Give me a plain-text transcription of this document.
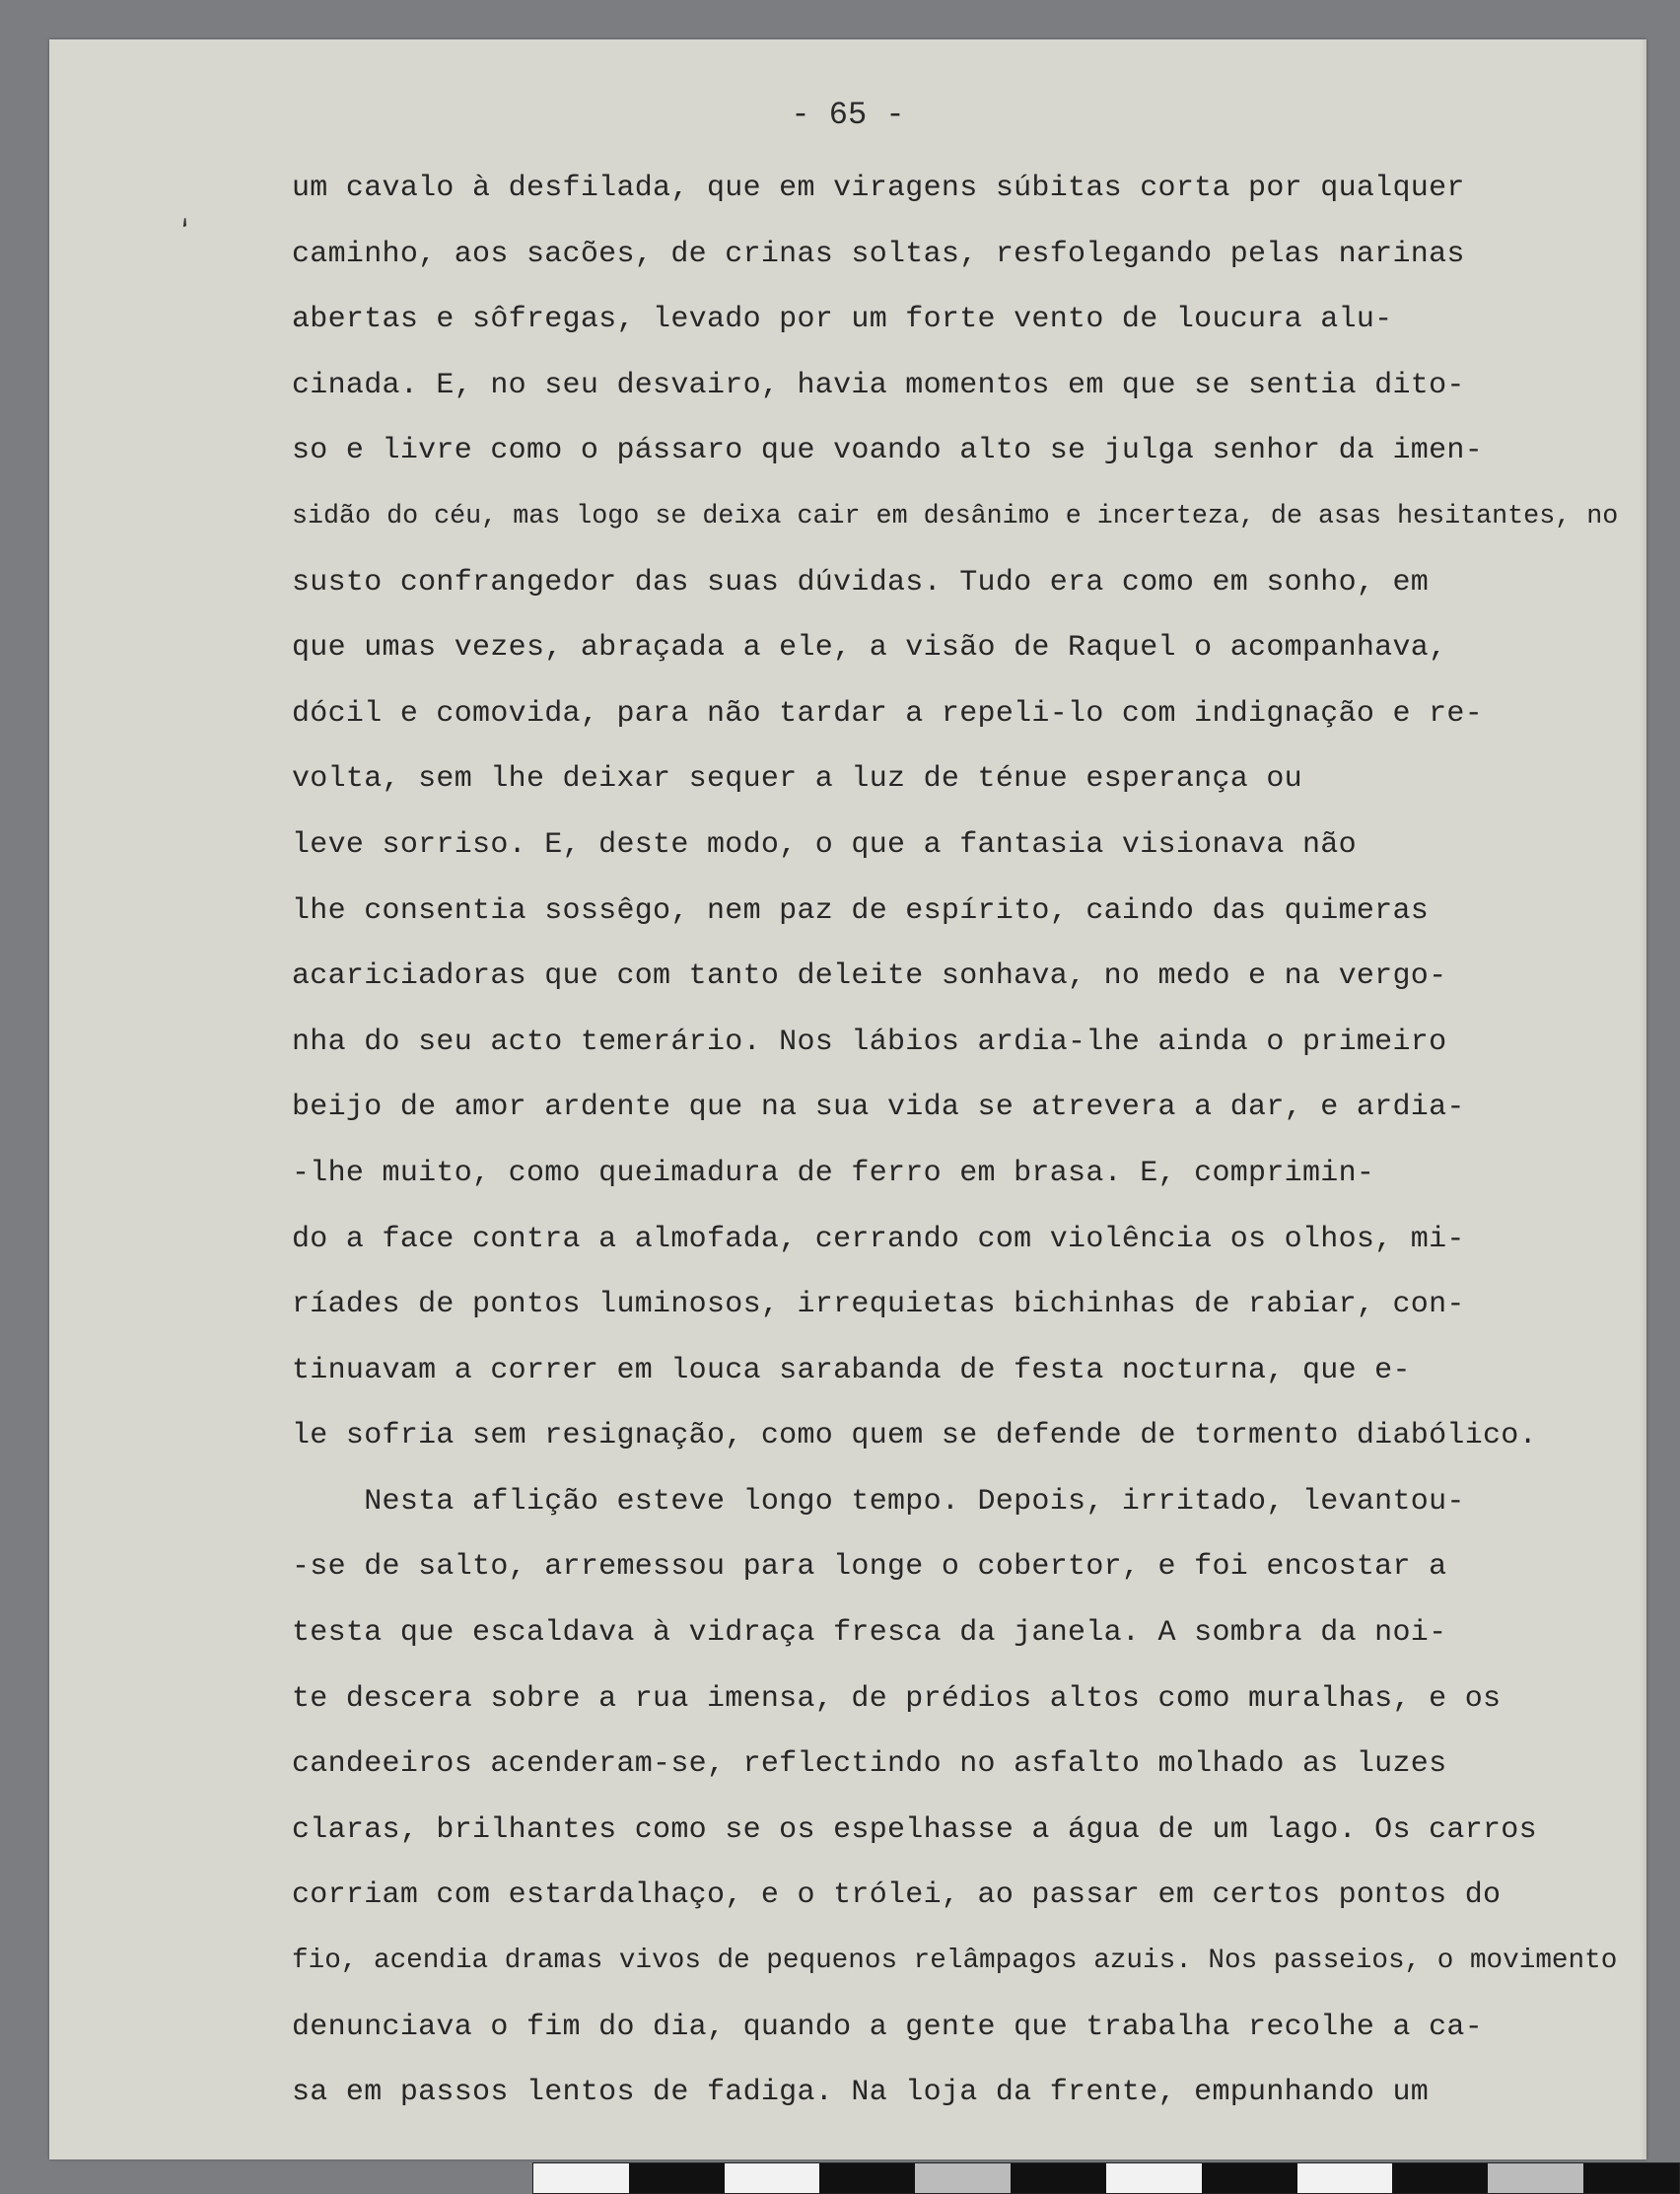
- 65 -
‘
um cavalo à desfilada, que em viragens súbitas corta por qualquer
caminho, aos sacões, de crinas soltas, resfolegando pelas narinas
abertas e sôfregas, levado por um forte vento de loucura alu-
cinada. E, no seu desvairo, havia momentos em que se sentia dito-
so e livre como o pássaro que voando alto se julga senhor da imen-
sidão do céu, mas logo se deixa cair em desânimo e incerteza, de asas hesitantes, no
susto confrangedor das suas dúvidas. Tudo era como em sonho, em
que umas vezes, abraçada a ele, a visão de Raquel o acompanhava,
dócil e comovida, para não tardar a repeli-lo com indignação e re-
volta, sem lhe deixar sequer a luz de ténue esperança ou
leve sorriso. E, deste modo, o que a fantasia visionava não
lhe consentia sossêgo, nem paz de espírito, caindo das quimeras
acariciadoras que com tanto deleite sonhava, no medo e na vergo-
nha do seu acto temerário. Nos lábios ardia-lhe ainda o primeiro
beijo de amor ardente que na sua vida se atrevera a dar, e ardia-
-lhe muito, como queimadura de ferro em brasa. E, comprimin-
do a face contra a almofada, cerrando com violência os olhos, mi-
ríades de pontos luminosos, irrequietas bichinhas de rabiar, con-
tinuavam a correr em louca sarabanda de festa nocturna, que e-
le sofria sem resignação, como quem se defende de tormento diabólico.
Nesta aflição esteve longo tempo. Depois, irritado, levantou-
-se de salto, arremessou para longe o cobertor, e foi encostar a
testa que escaldava à vidraça fresca da janela. A sombra da noi-
te descera sobre a rua imensa, de prédios altos como muralhas, e os
candeeiros acenderam-se, reflectindo no asfalto molhado as luzes
claras, brilhantes como se os espelhasse a água de um lago. Os carros
corriam com estardalhaço, e o trólei, ao passar em certos pontos do
fio, acendia dramas vivos de pequenos relâmpagos azuis. Nos passeios, o movimento
denunciava o fim do dia, quando a gente que trabalha recolhe a ca-
sa em passos lentos de fadiga. Na loja da frente, empunhando um
